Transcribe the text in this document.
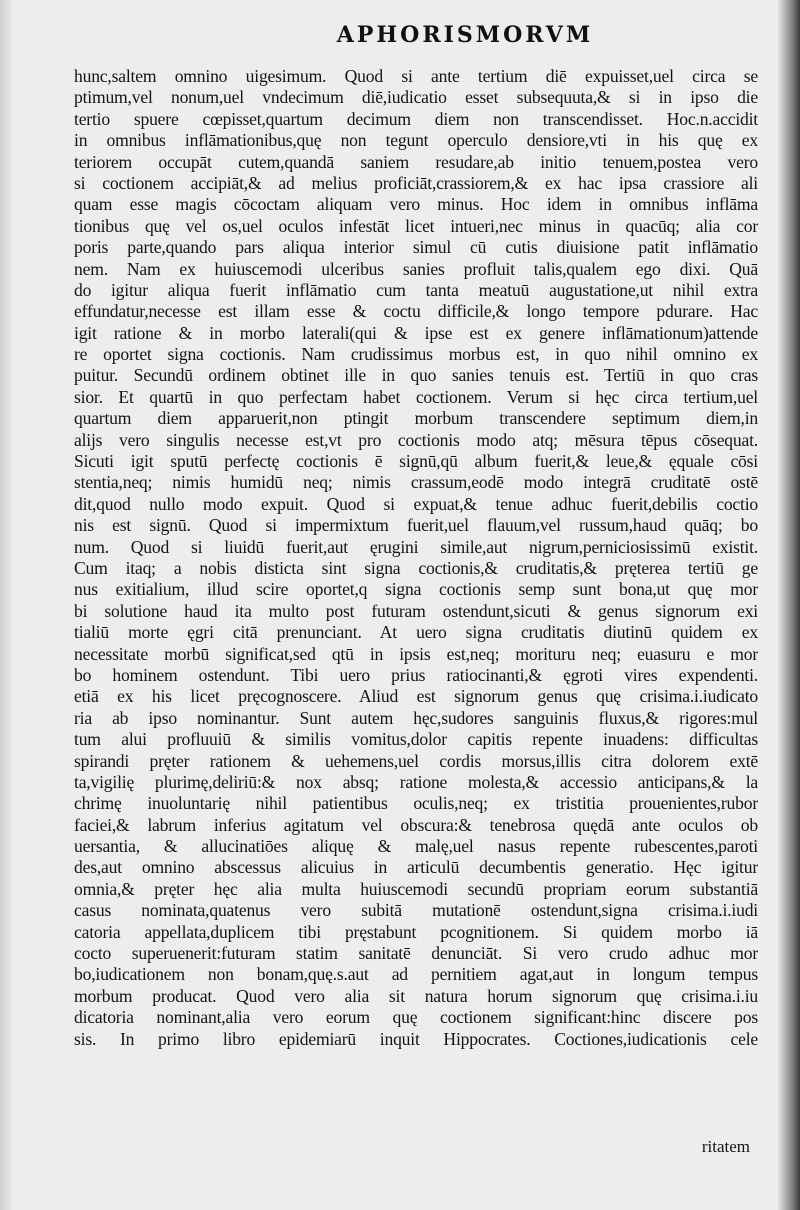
APHORISMORVM
hunc,saltem omnino uigesimum. Quod si ante tertium diē expuisset,uel circa se
ptimum,vel nonum,uel vndecimum diē,iudicatio esset subsequuta,& si in ipso die
tertio spuere cœpisset,quartum decimum diem non transcendisset. Hoc.n.accidit
in omnibus inflāmationibus,quę non tegunt operculo densiore,vti in his quę ex
teriorem occupāt cutem,quandā saniem resudare,ab initio tenuem,postea vero
si coctionem accipiāt,& ad melius proficiāt,crassiorem,& ex hac ipsa crassiore ali
quam esse magis cōcoctam aliquam vero minus. Hoc idem in omnibus inflāma
tionibus quę vel os,uel oculos infestāt licet intueri,nec minus in quacūq; alia cor
poris parte,quando pars aliqua interior simul cū cutis diuisione patit inflāmatio
nem. Nam ex huiuscemodi ulceribus sanies profluit talis,qualem ego dixi. Quā
do igitur aliqua fuerit inflāmatio cum tanta meatuū augustatione,ut nihil extra
effundatur,necesse est illam esse & coctu difficile,& longo tempore pdurare. Hac
igit ratione & in morbo laterali(qui & ipse est ex genere inflāmationum)attende
re oportet signa coctionis. Nam crudissimus morbus est, in quo nihil omnino ex
puitur. Secundū ordinem obtinet ille in quo sanies tenuis est. Tertiū in quo cras
sior. Et quartū in quo perfectam habet coctionem. Verum si hęc circa tertium,uel
quartum diem apparuerit,non ptingit morbum transcendere septimum diem,in
alijs vero singulis necesse est,vt pro coctionis modo atq; mēsura tēpus cōsequat.
Sicuti igit sputū perfectę coctionis ē signū,qū album fuerit,& leue,& ęquale cōsi
stentia,neq; nimis humidū neq; nimis crassum,eodē modo integrā cruditatē ostē
dit,quod nullo modo expuit. Quod si expuat,& tenue adhuc fuerit,debilis coctio
nis est signū. Quod si impermixtum fuerit,uel flauum,vel russum,haud quāq; bo
num. Quod si liuidū fuerit,aut ęrugini simile,aut nigrum,perniciosissimū existit.
Cum itaq; a nobis disticta sint signa coctionis,& cruditatis,& pręterea tertiū ge
nus exitialium, illud scire oportet,q signa coctionis semp sunt bona,ut quę mor
bi solutione haud ita multo post futuram ostendunt,sicuti & genus signorum exi
tialiū morte ęgri citā prenunciant. At uero signa cruditatis diutinū quidem ex
necessitate morbū significat,sed qtū in ipsis est,neq; morituru neq; euasuru e mor
bo hominem ostendunt. Tibi uero prius ratiocinanti,& ęgroti vires expendenti.
etiā ex his licet pręcognoscere. Aliud est signorum genus quę crisima.i.iudicato
ria ab ipso nominantur. Sunt autem hęc,sudores sanguinis fluxus,& rigores:mul
tum alui profluuiū & similis vomitus,dolor capitis repente inuadens: difficultas
spirandi pręter rationem & uehemens,uel cordis morsus,illis citra dolorem extē
ta,vigilię plurimę,deliriū:& nox absq; ratione molesta,& accessio anticipans,& la
chrimę inuoluntarię nihil patientibus oculis,neq; ex tristitia prouenientes,rubor
faciei,& labrum inferius agitatum vel obscura:& tenebrosa quędā ante oculos ob
uersantia, & allucinatiōes aliquę & malę,uel nasus repente rubescentes,paroti
des,aut omnino abscessus alicuius in articulū decumbentis generatio. Hęc igitur
omnia,& pręter hęc alia multa huiuscemodi secundū propriam eorum substantiā
casus nominata,quatenus vero subitā mutationē ostendunt,signa crisima.i.iudi
catoria appellata,duplicem tibi pręstabunt pcognitionem. Si quidem morbo iā
cocto superuenerit:futuram statim sanitatē denunciāt. Si vero crudo adhuc mor
bo,iudicationem non bonam,quę.s.aut ad pernitiem agat,aut in longum tempus
morbum producat. Quod vero alia sit natura horum signorum quę crisima.i.iu
dicatoria nominant,alia vero eorum quę coctionem significant:hinc discere pos
sis. In primo libro epidemiarū inquit Hippocrates. Coctiones,iudicationis cele
ritatem
